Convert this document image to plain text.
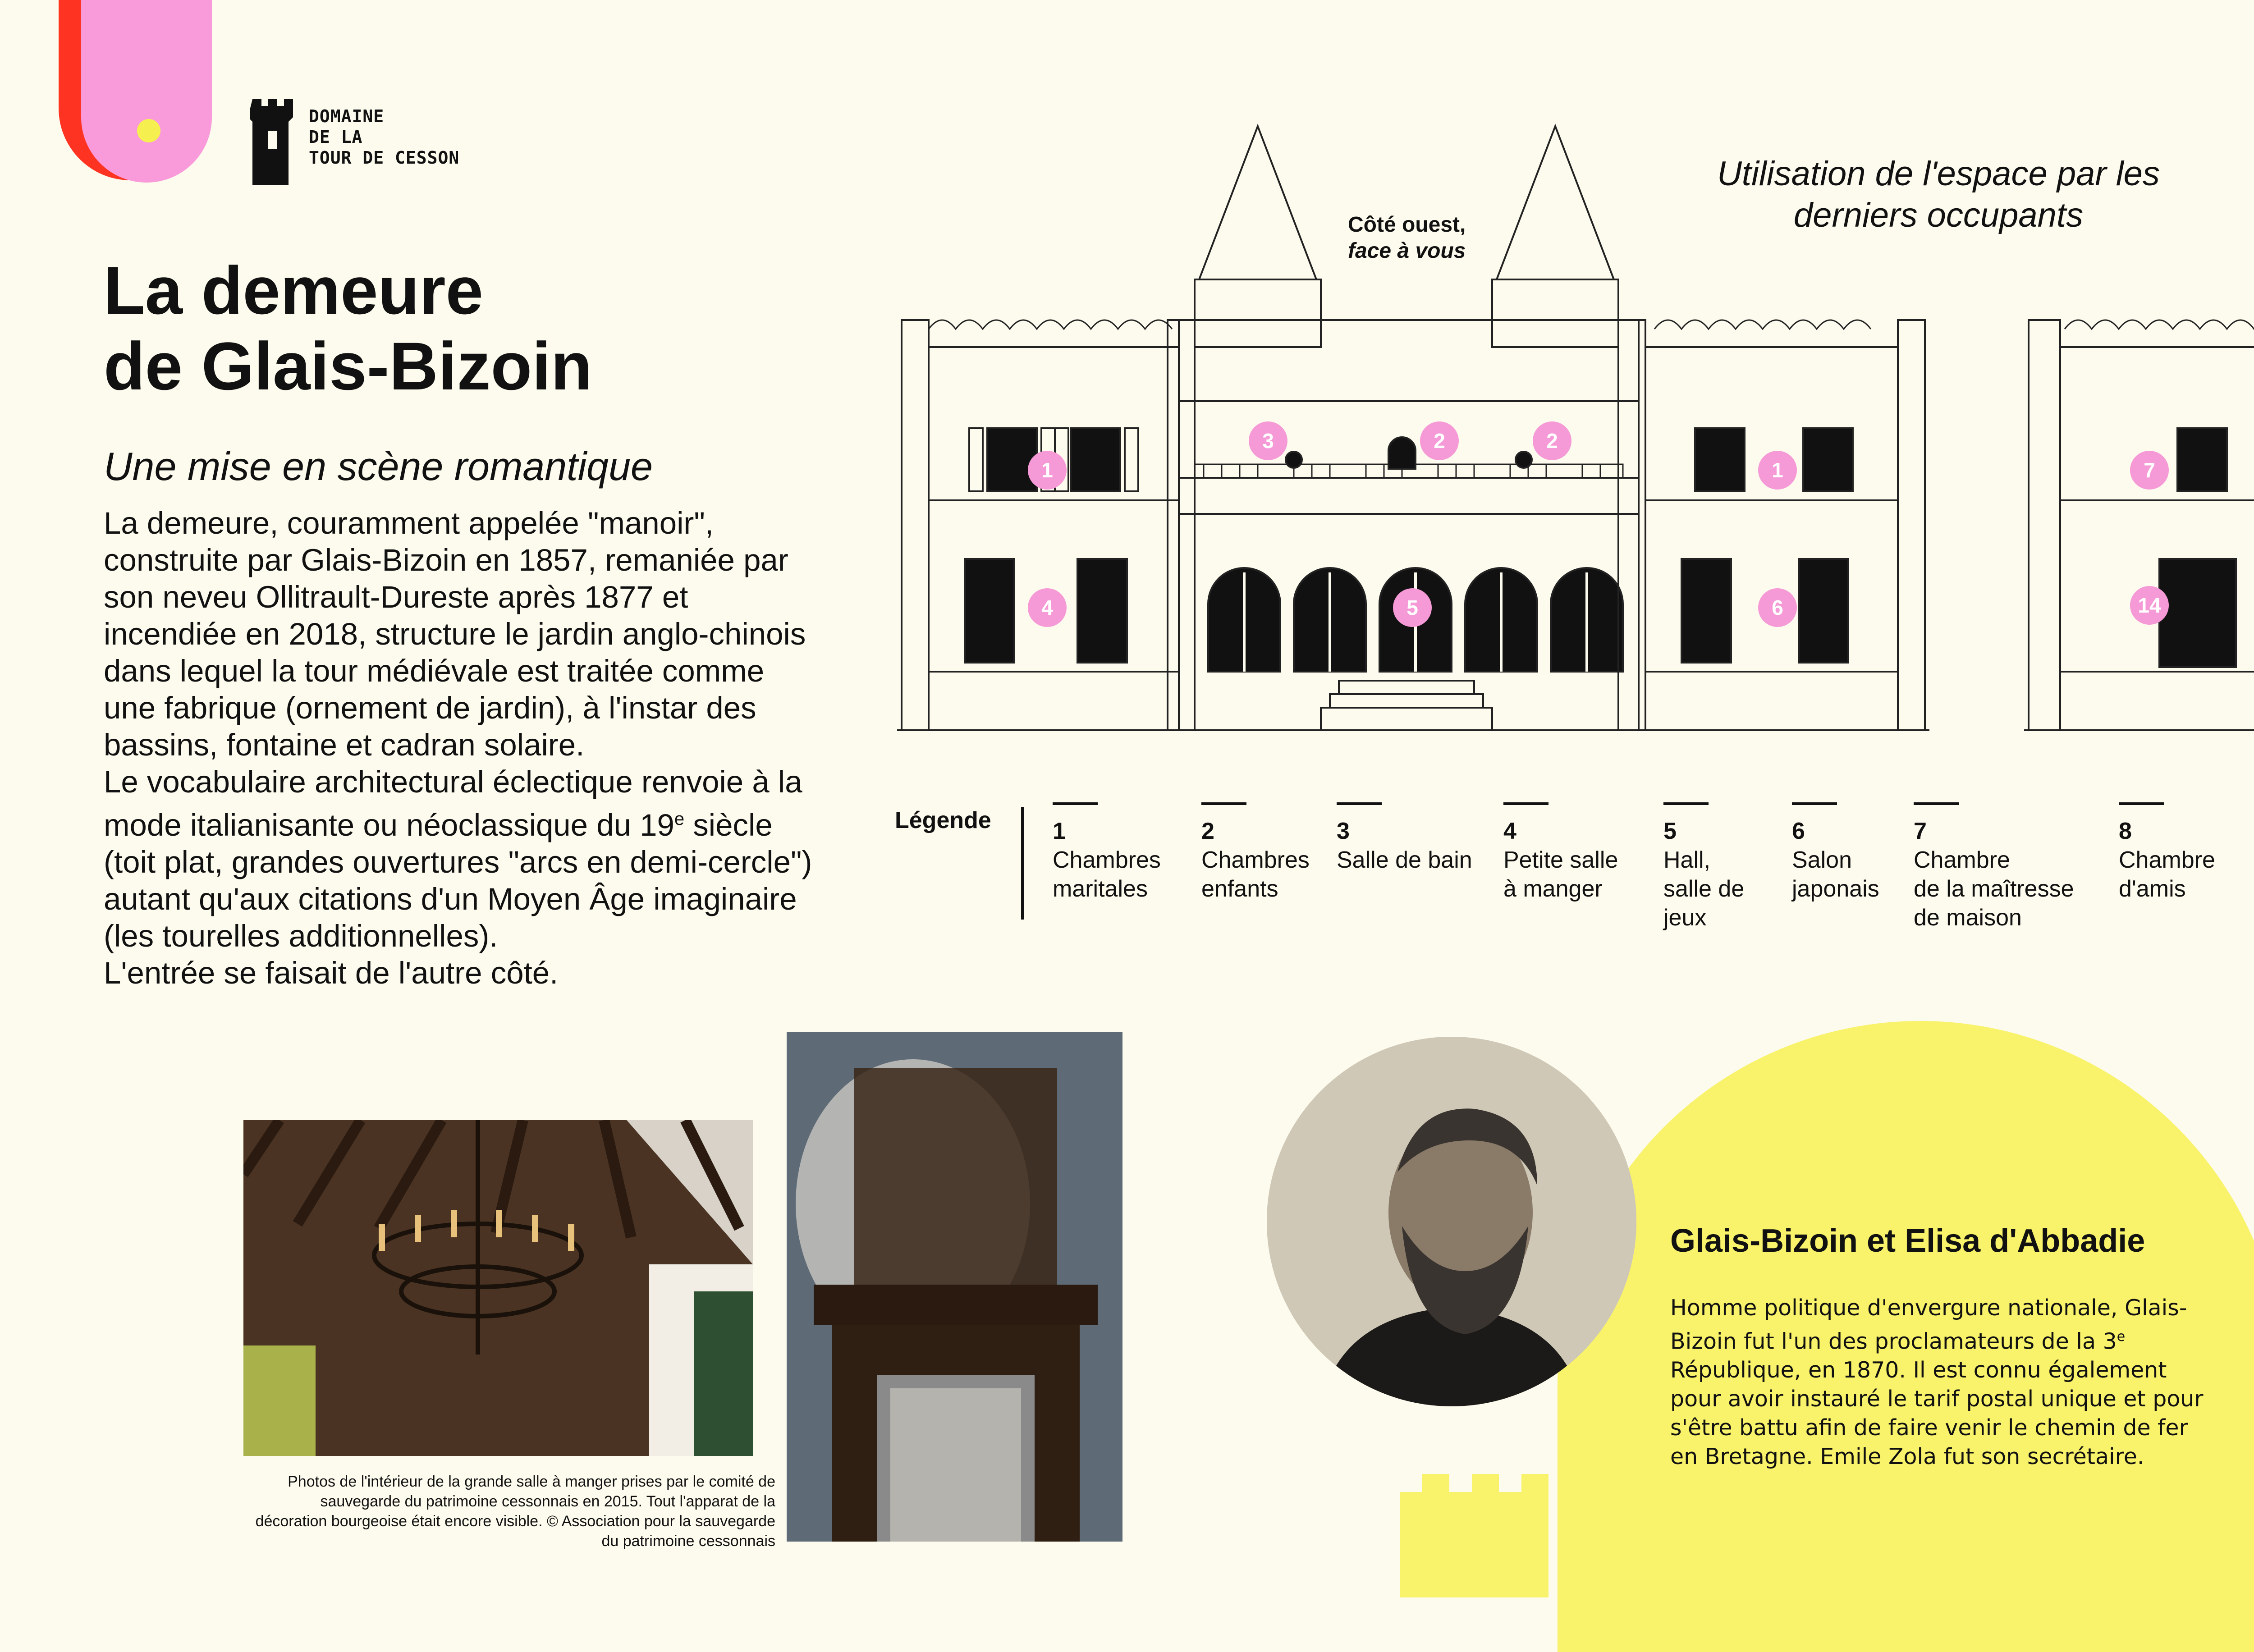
DOMAINE
DE LA
TOUR DE CESSON
La demeure
de Glais-Bizoin
Une mise en scène romantique

La demeure, couramment appelée "manoir", construite par Glais-Bizoin en 1857, remaniée par son neveu Ollitrault-Dureste après 1877 et incendiée en 2018, structure le jardin anglo-chinois dans lequel la tour médiévale est traitée comme une fabrique (ornement de jardin), à l'instar des bassins, fontaine et cadran solaire.

Le vocabulaire architectural éclectique renvoie à la mode italianisante ou néoclassique du 19e siècle (toit plat, grandes ouvertures "arcs en demi-cercle") autant qu'aux citations d'un Moyen Âge imaginaire (les tourelles additionnelles).

L'entrée se faisait de l'autre côté.

Photos de l'intérieur de la grande salle à manger prises par le comité de sauvegarde du patrimoine cessonnais en 2015. Tout l'apparat de la décoration bourgeoise était encore visible. © Association pour la sauvegarde du patrimoine cessonnais
Utilisation de l'espace par les derniers occupants
Côté ouest,
face à vous
1
2	2
3
1
4	5	6
7
14
Légende	1
Chambres
maritales
2
Chambres
enfants
3
Salle de bain
4
Petite salle
à manger
5
Hall,
salle de
jeux
6
Salon
japonais
7
Chambre
de la maîtresse
de maison
8
Chambre
d'amis
Glais-Bizoin et Elisa d'Abbadie
Homme politique d'envergure nationale, Glais-Bizoin fut l'un des proclamateurs de la 3e République, en 1870. Il est connu également pour avoir instauré le tarif postal unique et pour s'être battu afin de faire venir le chemin de fer en Bretagne. Emile Zola fut son secrétaire.
